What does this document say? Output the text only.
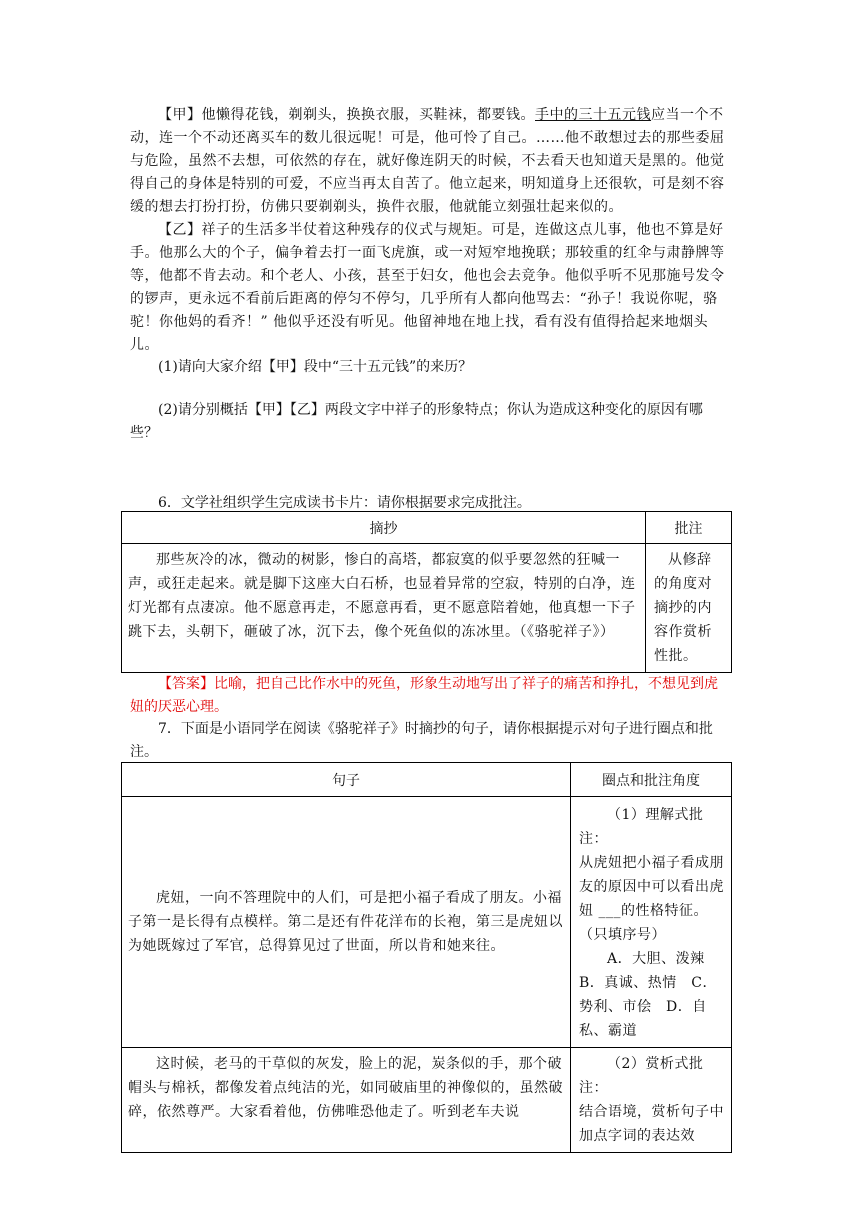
【甲】他懒得花钱，剃剃头，换换衣服，买鞋袜，都要钱。手中的三十五元钱应当一个不动，连一个不动还离买车的数儿很远呢！可是，他可怜了自己。……他不敢想过去的那些委屈与危险，虽然不去想，可依然的存在，就好像连阴天的时候，不去看天也知道天是黑的。他觉得自己的身体是特别的可爱，不应当再太自苦了。他立起来，明知道身上还很软，可是刻不容缓的想去打扮打扮，仿佛只要剃剃头，换件衣服，他就能立刻强壮起来似的。

【乙】祥子的生活多半仗着这种残存的仪式与规矩。可是，连做这点儿事，他也不算是好手。他那么大的个子，偏争着去打一面飞虎旗，或一对短窄地挽联；那较重的红伞与肃静牌等等，他都不肯去动。和个老人、小孩，甚至于妇女，他也会去竞争。他似乎听不见那施号发令的锣声，更永远不看前后距离的停匀不停匀，几乎所有人都向他骂去：“孙子！我说你呢，骆驼！你他妈的看齐！” 他似乎还没有听见。他留神地在地上找，看有没有值得拾起来地烟头儿。

(1)请向大家介绍【甲】段中“三十五元钱”的来历？

(2)请分别概括【甲】【乙】两段文字中祥子的形象特点；你认为造成这种变化的原因有哪些？

6．文学社组织学生完成读书卡片：请你根据要求完成批注。

摘抄	批注

那些灰冷的冰，微动的树影，惨白的高塔，都寂寞的似乎要忽然的狂喊一声，或狂走起来。就是脚下这座大白石桥，也显着异常的空寂，特别的白净，连灯光都有点凄凉。他不愿意再走，不愿意再看，更不愿意陪着她，他真想一下子跳下去，头朝下，砸破了冰，沉下去，像个死鱼似的冻冰里。（《骆驼祥子》）	从修辞的角度对摘抄的内容作赏析性批。

【答案】比喻，把自己比作水中的死鱼，形象生动地写出了祥子的痛苦和挣扎，不想见到虎妞的厌恶心理。

7．下面是小语同学在阅读《骆驼祥子》时摘抄的句子，请你根据提示对句子进行圈点和批注。

句子	圈点和批注角度

虎妞，一向不答理院中的人们，可是把小福子看成了朋友。小福子第一是长得有点模样。第二是还有件花洋布的长袍，第三是虎妞以为她既嫁过了军官，总得算见过了世面，所以肯和她来往。	（1）理解式批注：

从虎妞把小福子看成朋友的原因中可以看出虎妞 ___的性格特征。（只填序号）

A．大胆、泼辣　B．真诚、热情　 C．势利、市侩　 D．自私、霸道

这时候，老马的干草似的灰发，脸上的泥，炭条似的手，那个破帽头与棉袄，都像发着点纯洁的光，如同破庙里的神像似的，虽然破碎，依然尊严。大家看着他，仿佛唯恐他走了。听到老车夫说	（2）赏析式批注：

结合语境，赏析句子中加点字词的表达效
